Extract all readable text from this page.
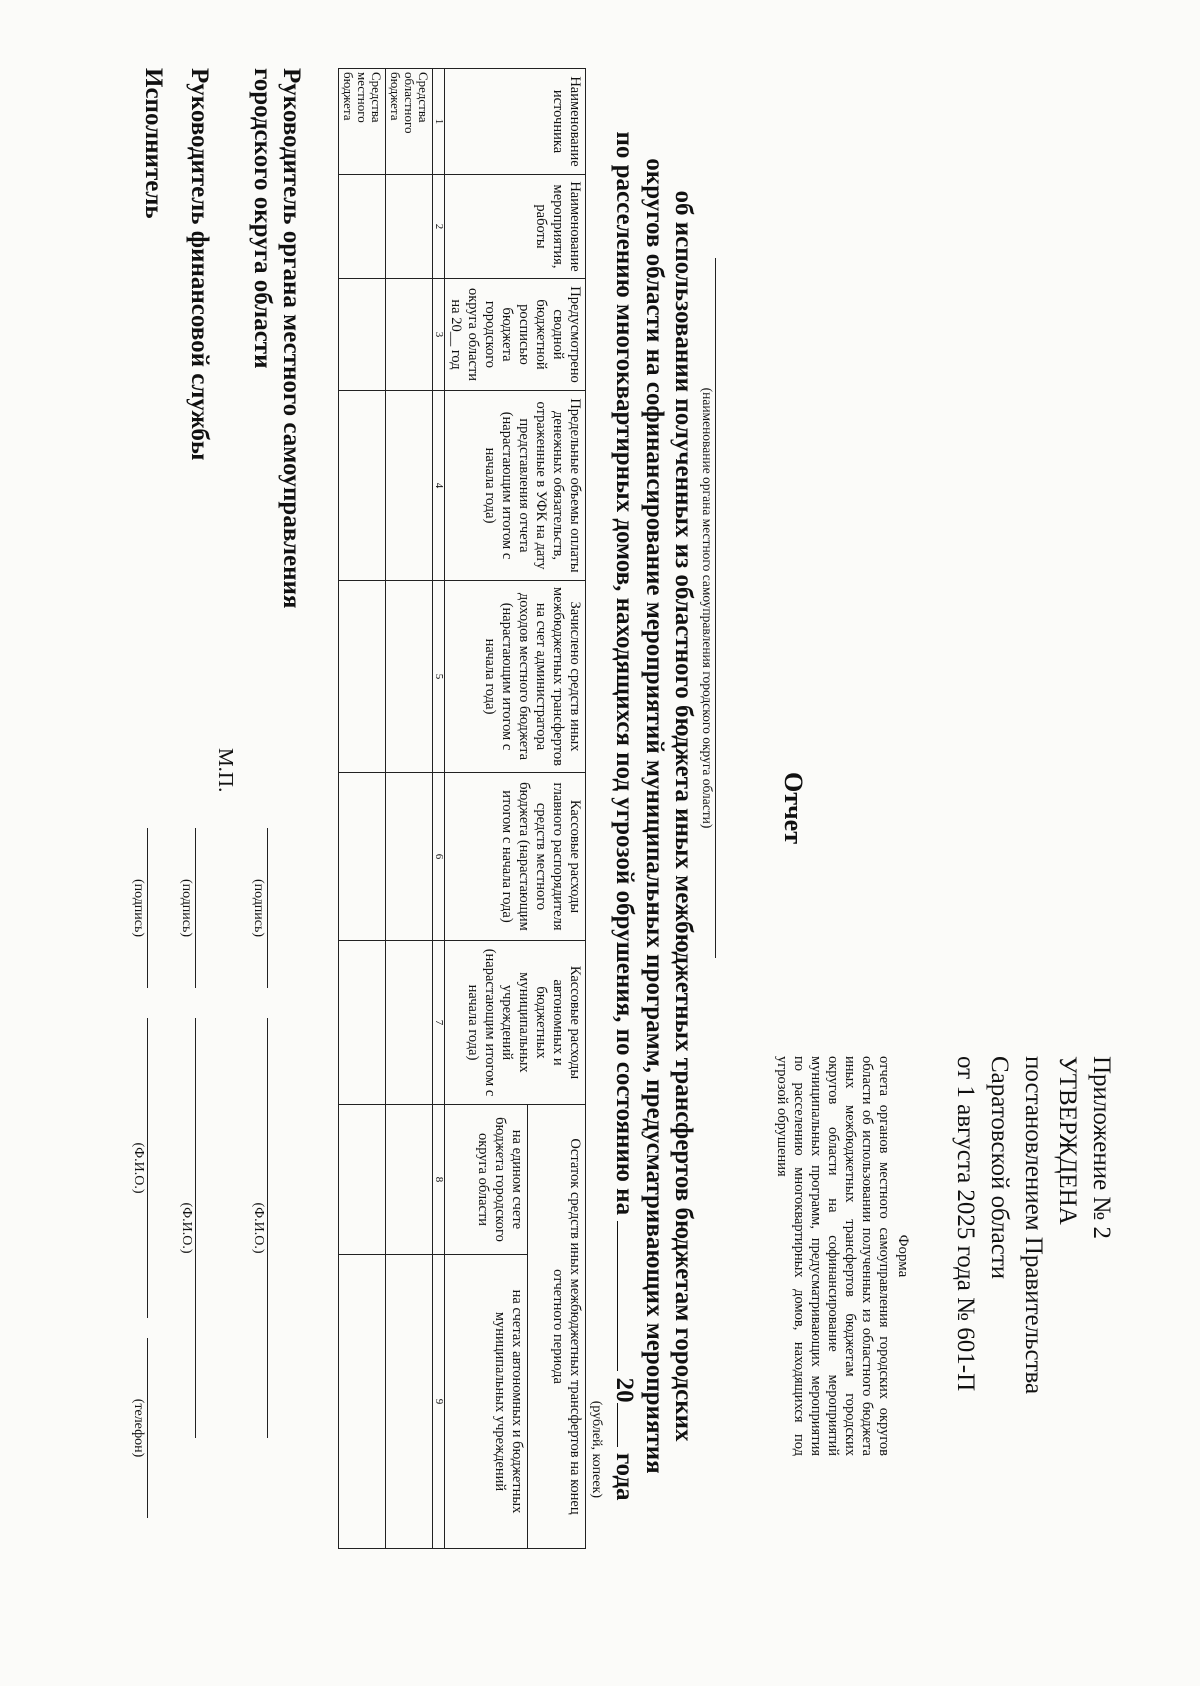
Приложение № 2
УТВЕРЖДЕНА
постановлением Правительства
Саратовской области
от 1 августа 2025 года № 601-П
Форма
отчета органов местного самоуправления городских округов области об использовании полученных из областного бюджета иных межбюджетных трансфертов бюджетам городских округов области на софинансирование мероприятий муниципальных программ, предусматривающих мероприятия по расселению многоквартирных домов, находящихся под угрозой обрушения
Отчет
(наименование органа местного самоуправления городского округа области)
об использовании полученных из областного бюджета иных межбюджетных трансфертов бюджетам городских
округов области на софинансирование мероприятий муниципальных программ, предусматривающих мероприятия
по расселению многоквартирных домов, находящихся под угрозой обрушения, по состоянию на  20 года
(рублей, копеек)
Наименование источника	Наименование мероприятия, работы	Предусмотрено сводной бюджетной росписью бюджета городского округа области на 20__ год	Предельные объемы оплаты денежных обязательств, отраженные в УФК на дату представления отчета (нарастающим итогом с начала года)	Зачислено средств иных межбюджетных трансфертов на счет администратора доходов местного бюджета (нарастающим итогом с начала года)	Кассовые расходы главного распорядителя средств местного бюджета (нарастающим итогом с начала года)	Кассовые расходы автономных и бюджетных муниципальных учреждений (нарастающим итогом с начала года)	Остаток средств иных межбюджетных трансфертов на конец отчетного периода	
							на едином счете бюджета городского округа области	на счетах автономных и бюджетных муниципальных учреждений
1	2	3	4	5	6	7	8	9
Средства областного бюджета								
Средства местного бюджета								
Руководитель органа местного самоуправления
городского округа области
(подпись)
(Ф.И.О.)
М.П.
Руководитель финансовой службы
(подпись)
(Ф.И.О.)
Исполнитель
(подпись)
(Ф.И.О.)
(телефон)
